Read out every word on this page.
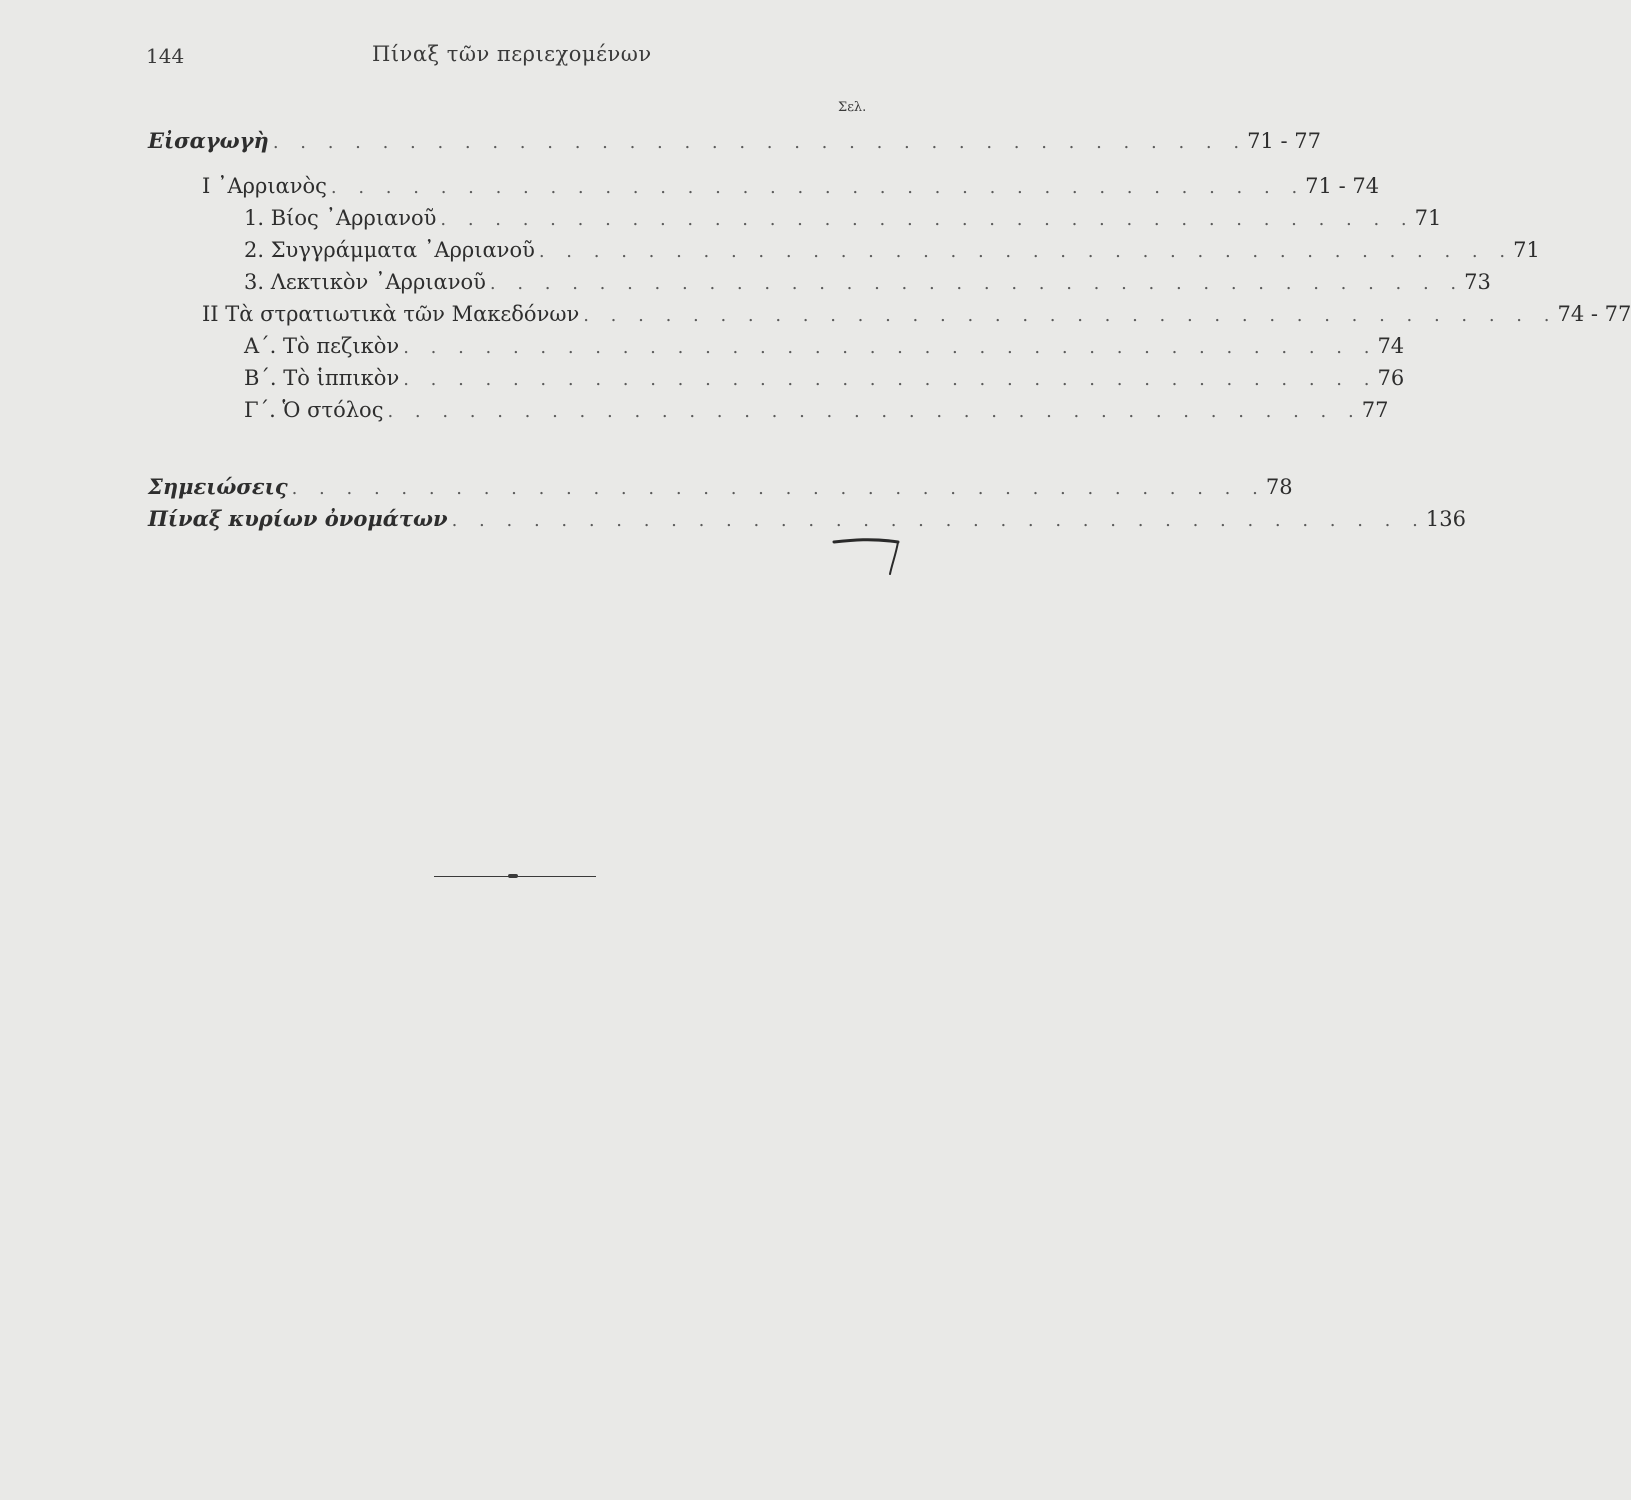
144	Πίναξ τῶν περιεχομένων
Σελ.
Εἰσαγωγὴ . . . . . . . . . . . . . . . . . . . . . . . . . . . . . . . . . . . . 71 - 77
I ᾿Αρριανὸς . . . . . . . . . . . . . . . . . . . . . . . . . . . . . . . . . . . . 71 - 74
1. Βίος ᾿Αρριανοῦ . . . . . . . . . . . . . . . . . . . . . . . . . . . . . . . . . . . . 71
2. Συγγράμματα ᾿Αρριανοῦ . . . . . . . . . . . . . . . . . . . . . . . . . . . . . . . . . . . . 71
3. Λεκτικὸν ᾿Αρριανοῦ . . . . . . . . . . . . . . . . . . . . . . . . . . . . . . . . . . . . 73
II Τὰ στρατιωτικὰ τῶν Μακεδόνων . . . . . . . . . . . . . . . . . . . . . . . . . . . . . . . . . . . . 74 - 77
Α΄. Τὸ πεζικὸν . . . . . . . . . . . . . . . . . . . . . . . . . . . . . . . . . . . . 74
Β΄. Τὸ ἱππικὸν . . . . . . . . . . . . . . . . . . . . . . . . . . . . . . . . . . . . 76
Γ΄. Ὁ στόλος . . . . . . . . . . . . . . . . . . . . . . . . . . . . . . . . . . . . 77
Σημειώσεις . . . . . . . . . . . . . . . . . . . . . . . . . . . . . . . . . . . . 78
Πίναξ κυρίων ὀνομάτων . . . . . . . . . . . . . . . . . . . . . . . . . . . . . . . . . . . . 136
